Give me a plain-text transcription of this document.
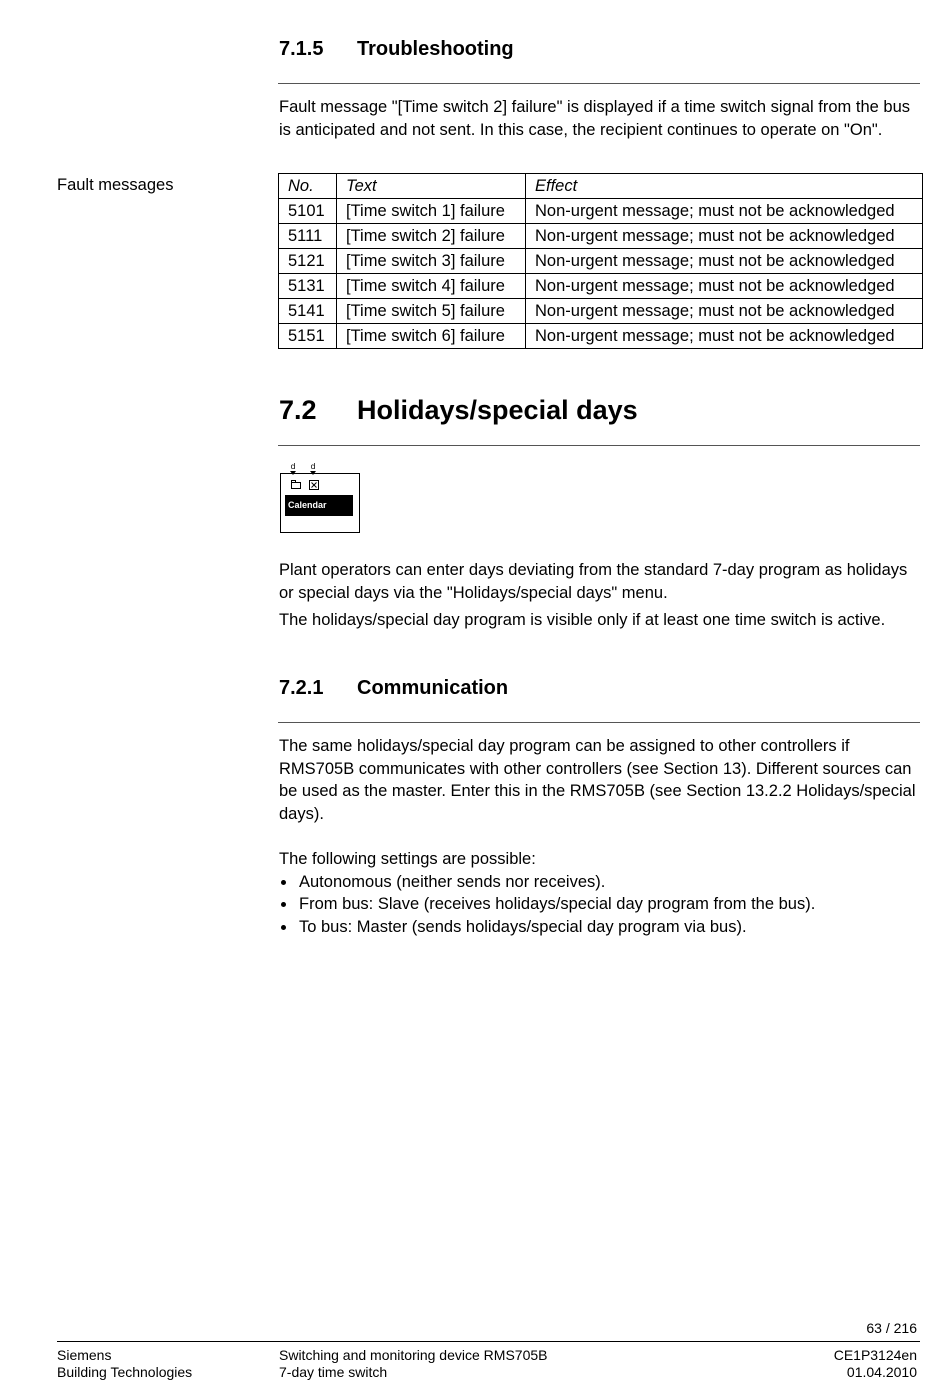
7.1.5 Troubleshooting

Fault message "[Time switch 2] failure" is displayed if a time switch signal from the bus is anticipated and not sent. In this case, the recipient continues to operate on "On".

Fault messages	No.	Text	Effect
5101	[Time switch 1] failure	Non-urgent message; must not be acknowledged
5111	[Time switch 2] failure	Non-urgent message; must not be acknowledged
5121	[Time switch 3] failure	Non-urgent message; must not be acknowledged
5131	[Time switch 4] failure	Non-urgent message; must not be acknowledged
5141	[Time switch 5] failure	Non-urgent message; must not be acknowledged
5151	[Time switch 6] failure	Non-urgent message; must not be acknowledged
7.2 Holidays/special days
d d
Calendar

Plant operators can enter days deviating from the standard 7-day program as holidays or special days via the "Holidays/special days" menu.

The holidays/special day program is visible only if at least one time switch is active.

7.2.1 Communication

The same holidays/special day program can be assigned to other controllers if RMS705B communicates with other controllers (see Section 13). Different sources can be used as the master. Enter this in the RMS705B (see Section 13.2.2 Holidays/special days).

The following settings are possible:

Autonomous (neither sends nor receives).
From bus: Slave (receives holidays/special day program from the bus).
To bus: Master (sends holidays/special day program via bus).
63 / 216
Siemens
Building Technologies
Switching and monitoring device RMS705B
7-day time switch
CE1P3124en
01.04.2010
